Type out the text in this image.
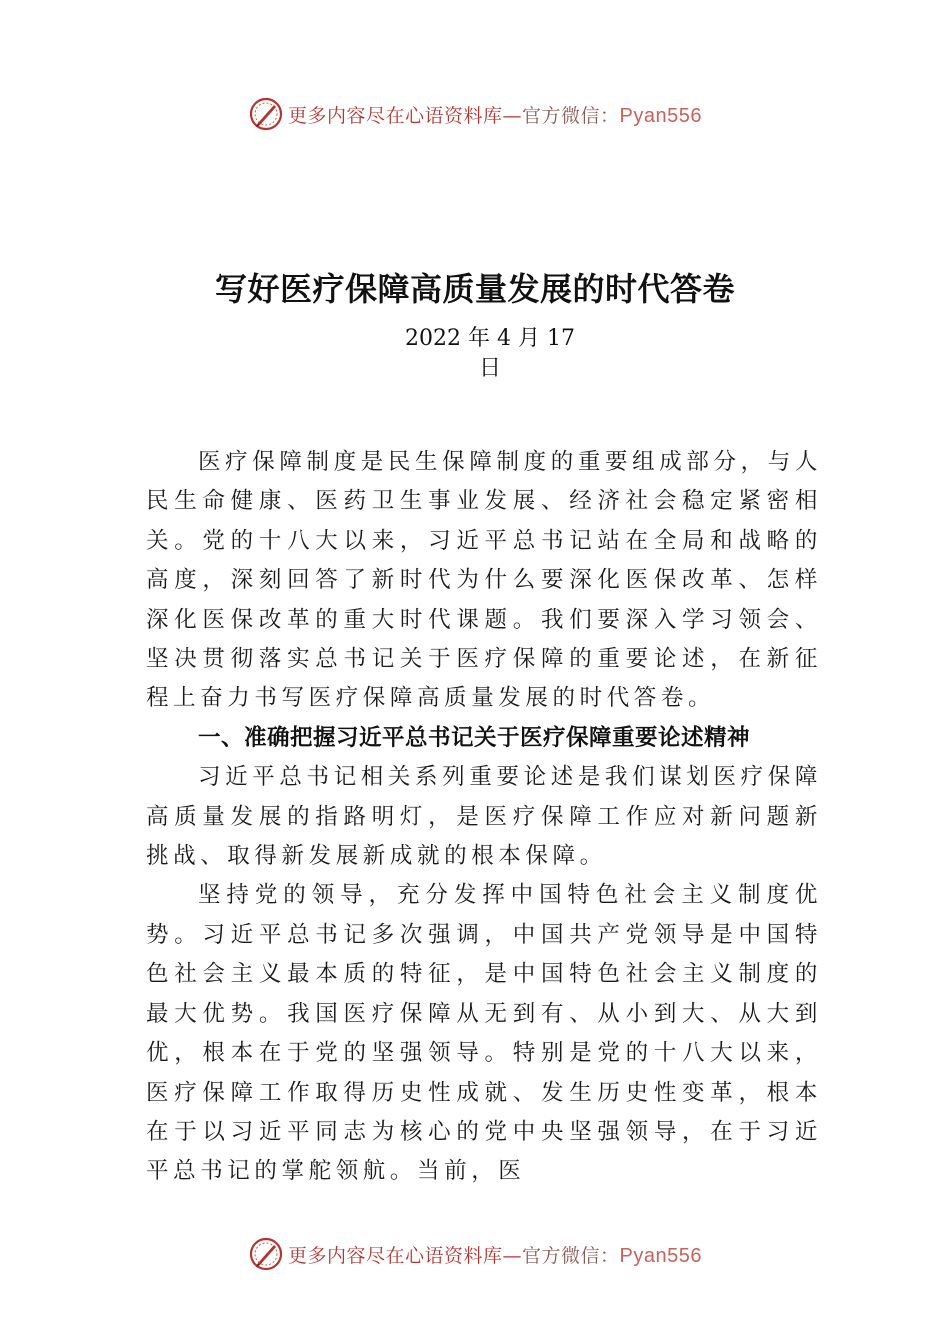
更多内容尽在心语资料库—官方微信：Pyan556
写好医疗保障高质量发展的时代答卷
2022 年 4 月 17
日

医疗保障制度是民生保障制度的重要组成部分，与人民生命健康、医药卫生事业发展、经济社会稳定紧密相关。党的十八大以来，习近平总书记站在全局和战略的高度，深刻回答了新时代为什么要深化医保改革、怎样深化医保改革的重大时代课题。我们要深入学习领会、坚决贯彻落实总书记关于医疗保障的重要论述，在新征程上奋力书写医疗保障高质量发展的时代答卷。

一、准确把握习近平总书记关于医疗保障重要论述精神

习近平总书记相关系列重要论述是我们谋划医疗保障高质量发展的指路明灯，是医疗保障工作应对新问题新挑战、取得新发展新成就的根本保障。

坚持党的领导，充分发挥中国特色社会主义制度优势。习近平总书记多次强调，中国共产党领导是中国特色社会主义最本质的特征，是中国特色社会主义制度的最大优势。我国医疗保障从无到有、从小到大、从大到优，根本在于党的坚强领导。特别是党的十八大以来，医疗保障工作取得历史性成就、发生历史性变革，根本在于以习近平同志为核心的党中央坚强领导，在于习近平总书记的掌舵领航。当前，医

更多内容尽在心语资料库—官方微信：Pyan556
